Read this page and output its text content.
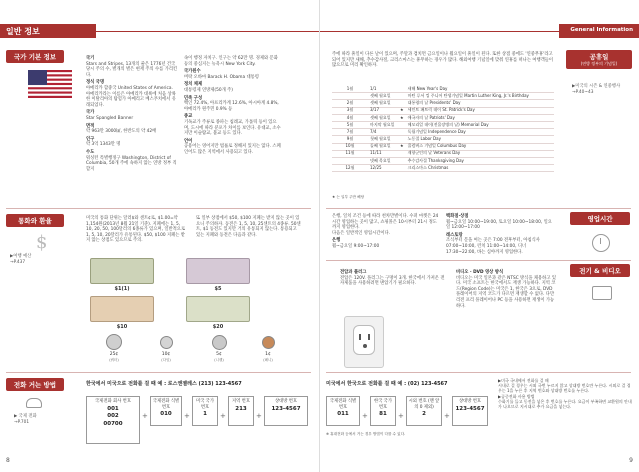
일반 정보
국가 기본 정보	국기
Stars and Stripes, 13개의 줄은 1776년 건국 당시 주의 수, 별개의 별은 현재 주의 수를 가리킨다.
정식 국명
아메리카 합중국 United States of America. 아메리카라는 이름은 아메리카 대륙에 처음 상륙한 이탈리아의 탐험가 아메리고 베스푸치에서 유래되었다.
국가
Star Spangled Banner
면적
약 963만 3000㎢, 한반도의 약 42배
인구
약 3억 1343만 명
수도
워싱턴 특별행정구 Washington, District of Columbia, 50개 주에 속하지 않는 연방 정부 직할지
속이 행정 자치구. 인구는 약 62만 명. 경제와 문화 등의 중심지는 뉴욕시 New York City.
국가원수
버락 오바마 Barack H. Obama 대통령
정치 체제
대통령제 연방제(50개 주)
민족 구성
백인 72.4%, 아프리카계 12.6%, 아시아계 4.8%, 아메리카 원주민 0.9% 등
종교
기독교가 주류로 종파는 침례교, 가톨릭 등이 있으며, 도시에 따라 분포가 차이를 보인다. 유대교, 소수지만 이슬람교, 불교 등도 있다.
언어
공용어는 영어지만 법률로 정해져 있지는 않다. 스페인어도 많은 지역에서 사용되고 있다.
통화와 환율
$
▶여행 예산
→P.437
미국의 통화 단위는 달러$와 센트¢로, $1.00=약 1,154원(2013년 8월 21일 기준). 지폐에는 1, 5, 10, 20, 50, 100달러의 6종류가 있으며, 일반적으로 1, 5, 10, 20달러가 유통된다. $50, $100 지폐는 받지 않는 상점도 있으므로 주의.
또 일부 상점에서 $50, $100 지폐는 받지 않는 곳이 있으니 주의하자. 동전은 1, 5, 10, 25센트의 4종류. 50센트, $1 동전도 있지만 거의 유통되지 않는다. 통용되고 있는 지폐와 동전은 다음과 같다.
$1(1)	$5
$10	$20
25¢
(쿼터)
10¢
(다임)
5¢
(니켈)
1¢
(페니)
전화 거는 방법
▶ 국제 전화
→P.701
한국에서 미국으로 전화를 걸 때 예 : 로스앤젤레스 (213) 123-4567
국제전화 회사 번호
001
002
00700
+
국제전화 식별 번호
010	+
미국 국가 번호
1	+
지역 번호
213
+
상대방 번호
123-4567
8
General Information
주에 따라 휴일이 다른 날이 있으며, 주말과 겹치면 금요일이나 월요일이 휴일이 된다. 또한 상점 중에도 '연중무휴'라고 되어 있지만 새해, 추수감사절, 크리스마스는 휴무하는 경우가 많다. 해외여행 기념일에 맞춰 연휴를 떠나는 여행객들이 많으므로 미리 확인하자.
1월	1/1		새해 New Year's Day
	셋째 월요일		마틴 루서 킹 주니어 탄생기념일 Martin Luther King, Jr.'s Birthday
2월	셋째 월요일		대통령의 날 Presidents' Day
3월	3/17	★	세인트 패트릭 데이 St. Patrick's Day
4월	셋째 월요일	★	애국자의 날 Patriots' Day
5월	마지막 월요일		메모리얼 데이(전몰장병의 날) Memorial Day
7월	7/4		독립기념일 Independence Day
9월	첫째 월요일		노동절 Labor Day
10월	둘째 월요일	★	콜럼버스 기념일 Columbus Day
11월	11/11		재향군인의 날 Veterans Day
	넷째 목요일		추수감사절 Thanksgiving Day
12월	12/25		크리스마스 Christmas
★ 는 일부 주만 해당
공휴일
(연방 정부의 기념일)
▶미국의 시즌 & 연중행사
→P.40~43
은행, 일치 조건 등에 따라 천차만별이다. 수퍼 마켓은 24시간 영업하는 곳이 많고, 쇼핑몰은 10시부터 21시 정도까지 영업한다.
다음은 일반적인 영업시간이다.
은행
월~금요일 9:00~17:00
백화점·상점
월~금요일 10:00~19:00, 토요일 10:00~18:00, 일요일 12:00~17:00
레스토랑
조식부터 문을 여는 곳은 7:00 전후부터, 아침식사 07:00~10:00, 런치 11:00~14:00, 디너 17:30~22:00, 바는 심야까지 영업한다.
영업시간
전기 & 비디오
전압과 플러그
전압은 120V. 플러그는 구멍이 3개. 한국에서 가져온 전자제품을 사용하려면 변압기가 필요하다.
비디오 · DVD 영상 방식
비디오는 미국 일본과 같은 NTSC 방식을 채용하고 있다. 미국 소프트는 한국에서도 재생 가능하다. 지역 코드(Region Code)는 미국은 1, 한국은 3으로, DVD 플레이어의 지역 코드가 다르면 재생할 수 없다. 다만 리전 프리 플레이어나 PC 등을 사용하면 재생이 가능하다.
미국에서 한국으로 전화를 걸 때 예 : (02) 123-4567
국제전화 식별번호
011	+
한국 국가 번호
81	+
시외 번호 (맨 앞의 0 제외)
2	+
상대방 번호
123-4567
※ 휴대전화 등에서 거는 경우 방법이 다를 수 있다.
▶미국 국내에서 전화를 걸 때
시내로 걸 경우는 시외 국번 누르지 않고 상대방 번호만 누른다. 시외로 걸 경우는 1을 누른 후 지역 번호와 상대방 번호를 누른다.
▶공중전화 사용 방법
수화기를 들고 동전을 넣은 후 번호를 누른다. 요금이 부족하면 교환원의 안내가 나오므로 지시대로 추가 요금을 넣는다.
9
